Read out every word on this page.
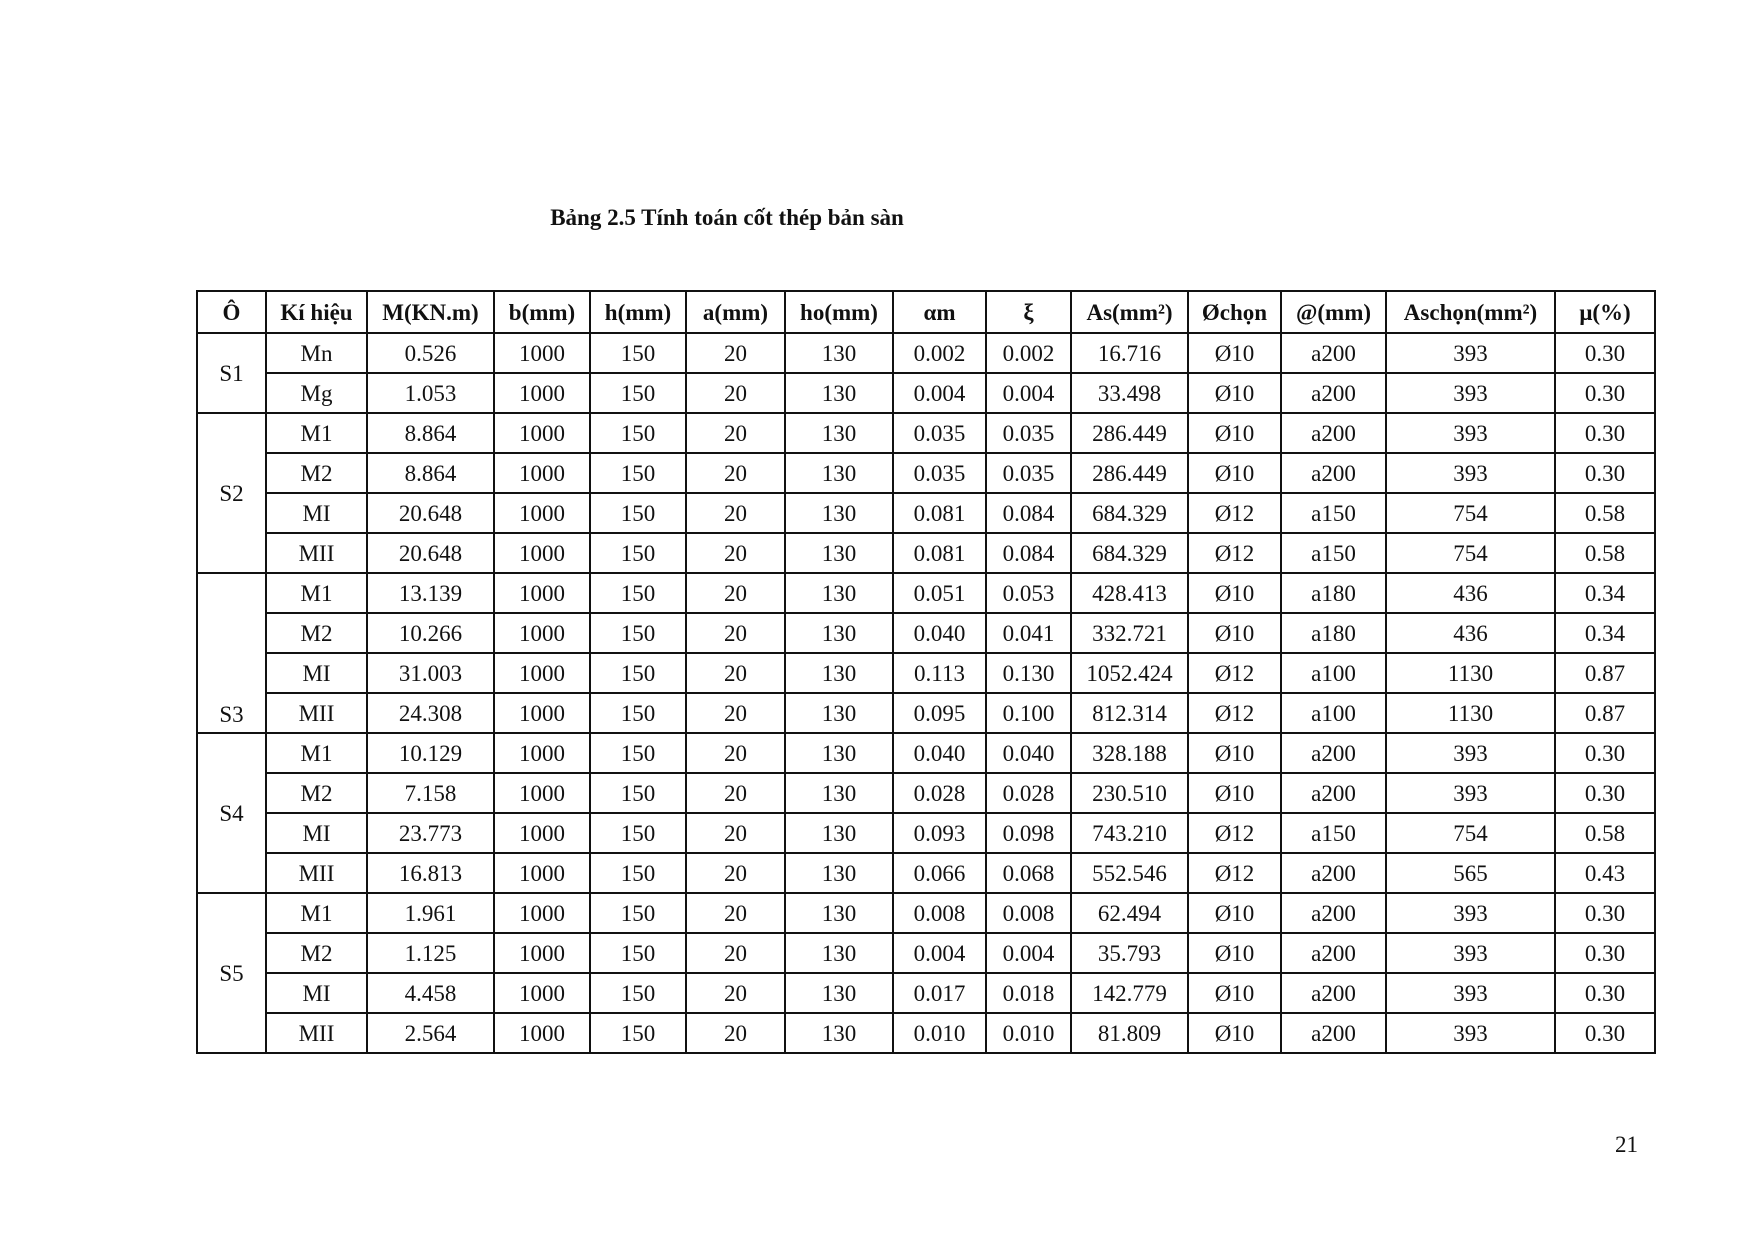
Bảng 2.5 Tính toán cốt thép bản sàn
Ô	Kí hiệu	M(KN.m)	b(mm)	h(mm)	a(mm)	ho(mm)	αm	ξ	As(mm²)	Øchọn	@(mm)	Aschọn(mm²)	μ(%)
S1	Mn	0.526	1000	150	20	130	0.002	0.002	16.716	Ø10	a200	393	0.30
	Mg	1.053	1000	150	20	130	0.004	0.004	33.498	Ø10	a200	393	0.30
S2	M1	8.864	1000	150	20	130	0.035	0.035	286.449	Ø10	a200	393	0.30
	M2	8.864	1000	150	20	130	0.035	0.035	286.449	Ø10	a200	393	0.30
	MI	20.648	1000	150	20	130	0.081	0.084	684.329	Ø12	a150	754	0.58
	MII	20.648	1000	150	20	130	0.081	0.084	684.329	Ø12	a150	754	0.58
S3	M1	13.139	1000	150	20	130	0.051	0.053	428.413	Ø10	a180	436	0.34
	M2	10.266	1000	150	20	130	0.040	0.041	332.721	Ø10	a180	436	0.34
	MI	31.003	1000	150	20	130	0.113	0.130	1052.424	Ø12	a100	1130	0.87
	MII	24.308	1000	150	20	130	0.095	0.100	812.314	Ø12	a100	1130	0.87
S4	M1	10.129	1000	150	20	130	0.040	0.040	328.188	Ø10	a200	393	0.30
	M2	7.158	1000	150	20	130	0.028	0.028	230.510	Ø10	a200	393	0.30
	MI	23.773	1000	150	20	130	0.093	0.098	743.210	Ø12	a150	754	0.58
	MII	16.813	1000	150	20	130	0.066	0.068	552.546	Ø12	a200	565	0.43
S5	M1	1.961	1000	150	20	130	0.008	0.008	62.494	Ø10	a200	393	0.30
	M2	1.125	1000	150	20	130	0.004	0.004	35.793	Ø10	a200	393	0.30
	MI	4.458	1000	150	20	130	0.017	0.018	142.779	Ø10	a200	393	0.30
	MII	2.564	1000	150	20	130	0.010	0.010	81.809	Ø10	a200	393	0.30
21
